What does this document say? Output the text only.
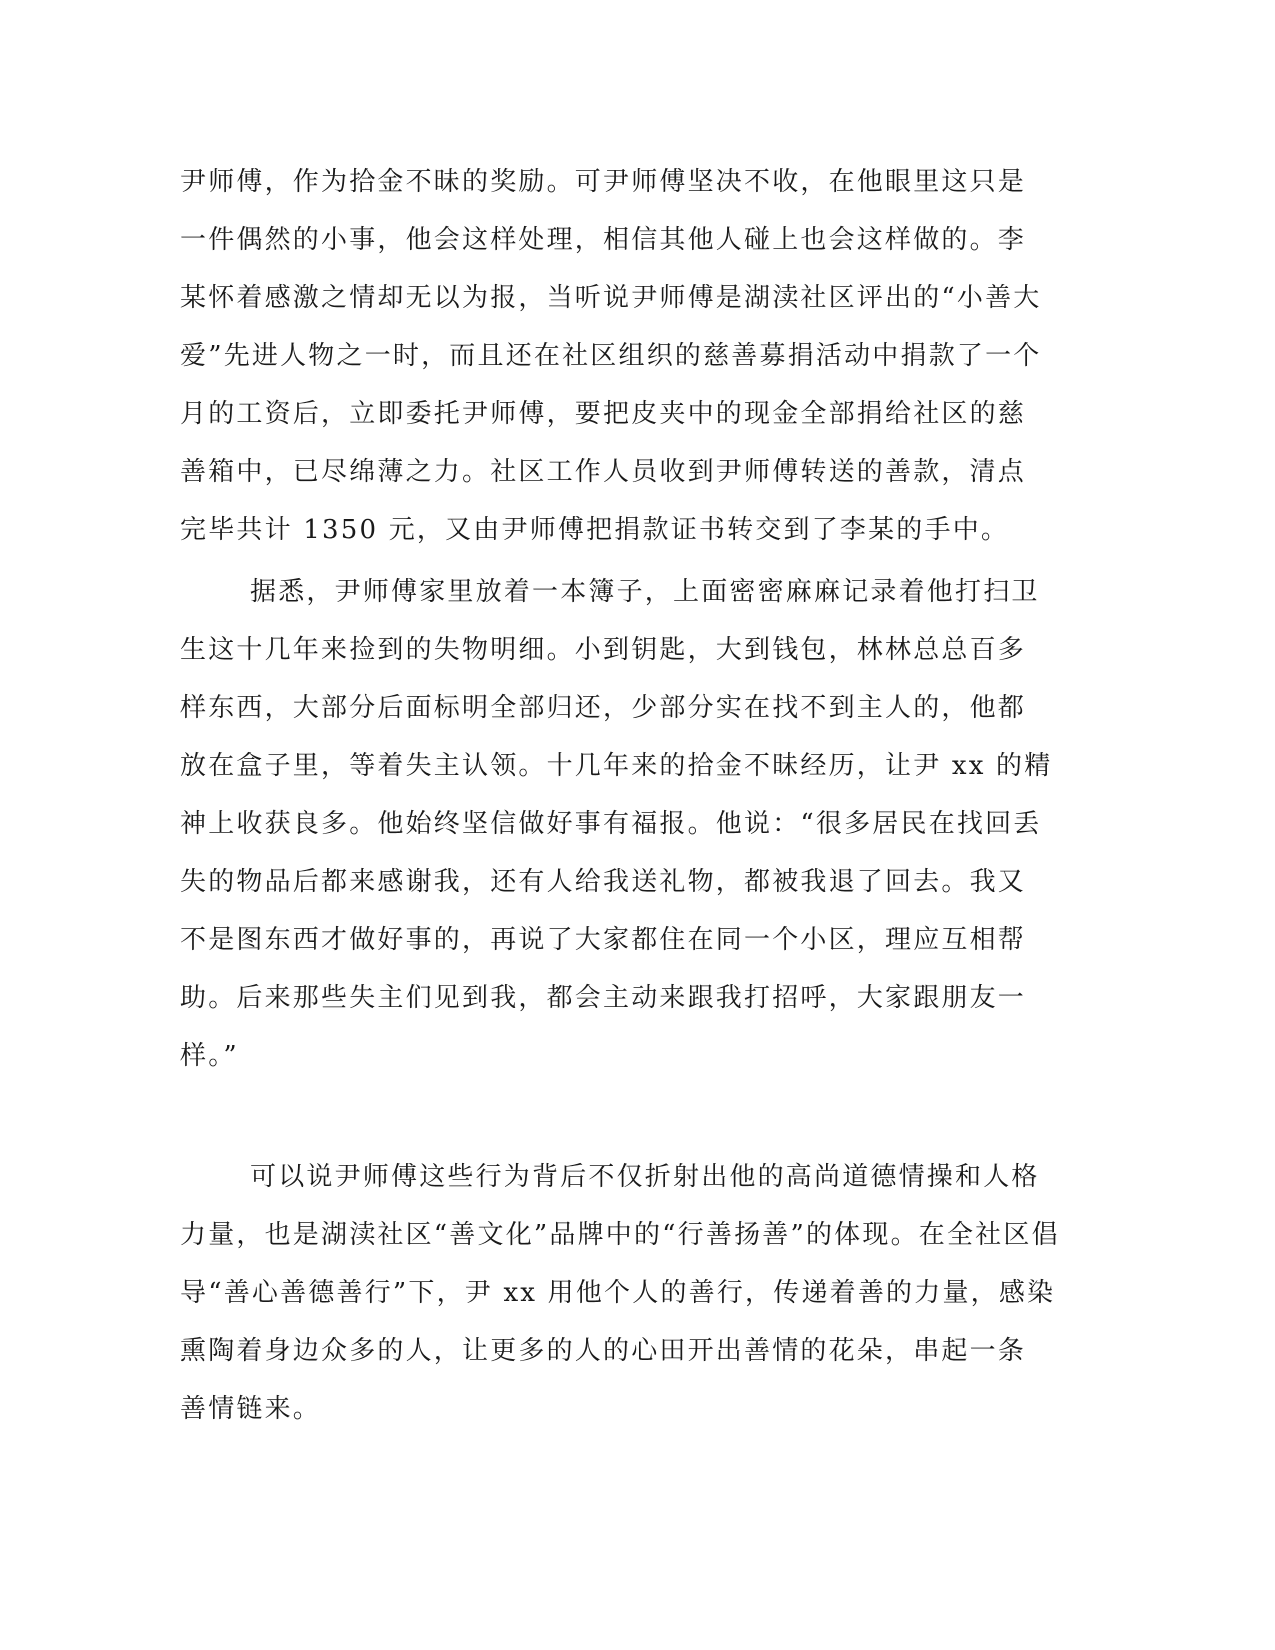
尹师傅，作为拾金不昧的奖励。可尹师傅坚决不收，在他眼里这只是
一件偶然的小事，他会这样处理，相信其他人碰上也会这样做的。李
某怀着感激之情却无以为报，当听说尹师傅是湖渎社区评出的“小善大
爱”先进人物之一时，而且还在社区组织的慈善募捐活动中捐款了一个
月的工资后，立即委托尹师傅，要把皮夹中的现金全部捐给社区的慈
善箱中，已尽绵薄之力。社区工作人员收到尹师傅转送的善款，清点
完毕共计 1350 元，又由尹师傅把捐款证书转交到了李某的手中。
据悉，尹师傅家里放着一本簿子，上面密密麻麻记录着他打扫卫
生这十几年来捡到的失物明细。小到钥匙，大到钱包，林林总总百多
样东西，大部分后面标明全部归还，少部分实在找不到主人的，他都
放在盒子里，等着失主认领。十几年来的拾金不昧经历，让尹 xx 的精
神上收获良多。他始终坚信做好事有福报。他说：“很多居民在找回丢
失的物品后都来感谢我，还有人给我送礼物，都被我退了回去。我又
不是图东西才做好事的，再说了大家都住在同一个小区，理应互相帮
助。后来那些失主们见到我，都会主动来跟我打招呼，大家跟朋友一
样。”
可以说尹师傅这些行为背后不仅折射出他的高尚道德情操和人格
力量，也是湖渎社区“善文化”品牌中的“行善扬善”的体现。在全社区倡
导“善心善德善行”下，尹 xx 用他个人的善行，传递着善的力量，感染
熏陶着身边众多的人，让更多的人的心田开出善情的花朵，串起一条
善情链来。
